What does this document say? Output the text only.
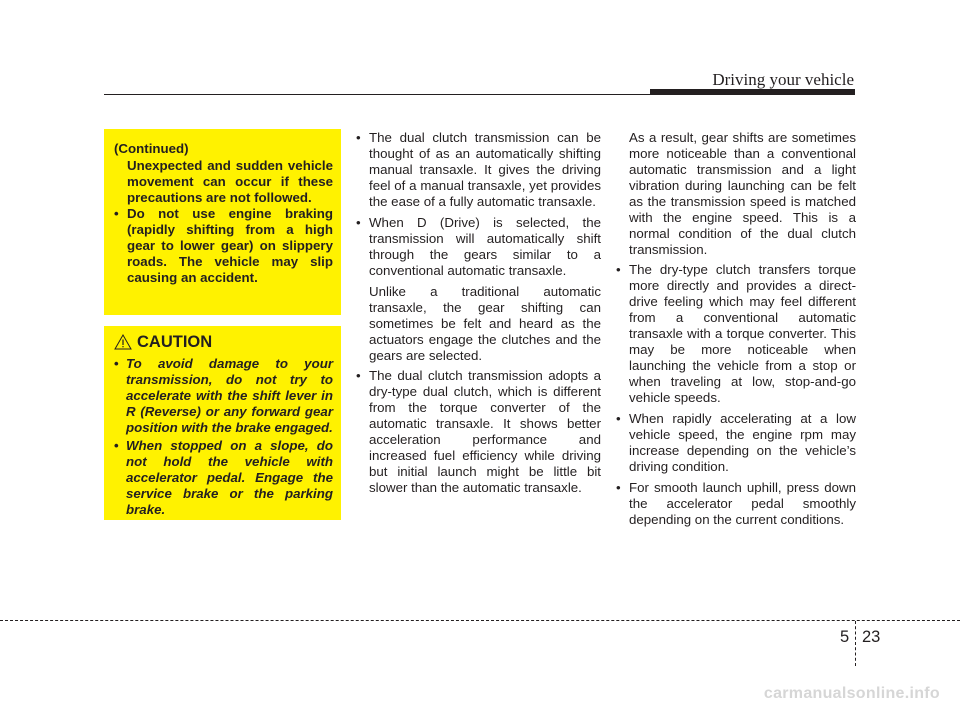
Driving your vehicle
(Continued)
Unexpected and sudden vehicle movement can occur if these precautions are not followed.
• Do not use engine braking (rapidly shifting from a high gear to lower gear) on slippery roads. The vehicle may slip causing an accident.
CAUTION
• To avoid damage to your transmission, do not try to accelerate with the shift lever in R (Reverse) or any forward gear position with the brake engaged.
• When stopped on a slope, do not hold the vehicle with accelerator pedal. Engage the service brake or the parking brake.
• The dual clutch transmission can be thought of as an automatically shifting manual transaxle. It gives the driving feel of a manual transaxle, yet provides the ease of a fully automatic transaxle.
• When D (Drive) is selected, the transmission will automatically shift through the gears similar to a conventional automatic transaxle.
Unlike a traditional automatic transaxle, the gear shifting can sometimes be felt and heard as the actuators engage the clutches and the gears are selected.
• The dual clutch transmission adopts a dry-type dual clutch, which is different from the torque converter of the automatic transaxle. It shows better acceleration performance and increased fuel efficiency while driving but initial launch might be little bit slower than the automatic transaxle.
As a result, gear shifts are sometimes more noticeable than a conventional automatic transmission and a light vibration during launching can be felt as the transmission speed is matched with the engine speed. This is a normal condition of the dual clutch transmission.
• The dry-type clutch transfers torque more directly and provides a direct-drive feeling which may feel different from a conventional automatic transaxle with a torque converter. This may be more noticeable when launching the vehicle from a stop or when traveling at low, stop-and-go vehicle speeds.
• When rapidly accelerating at a low vehicle speed, the engine rpm may increase depending on the vehicle’s driving condition.
• For smooth launch uphill, press down the accelerator pedal smoothly depending on the current conditions.
5 23
carmanualsonline.info
